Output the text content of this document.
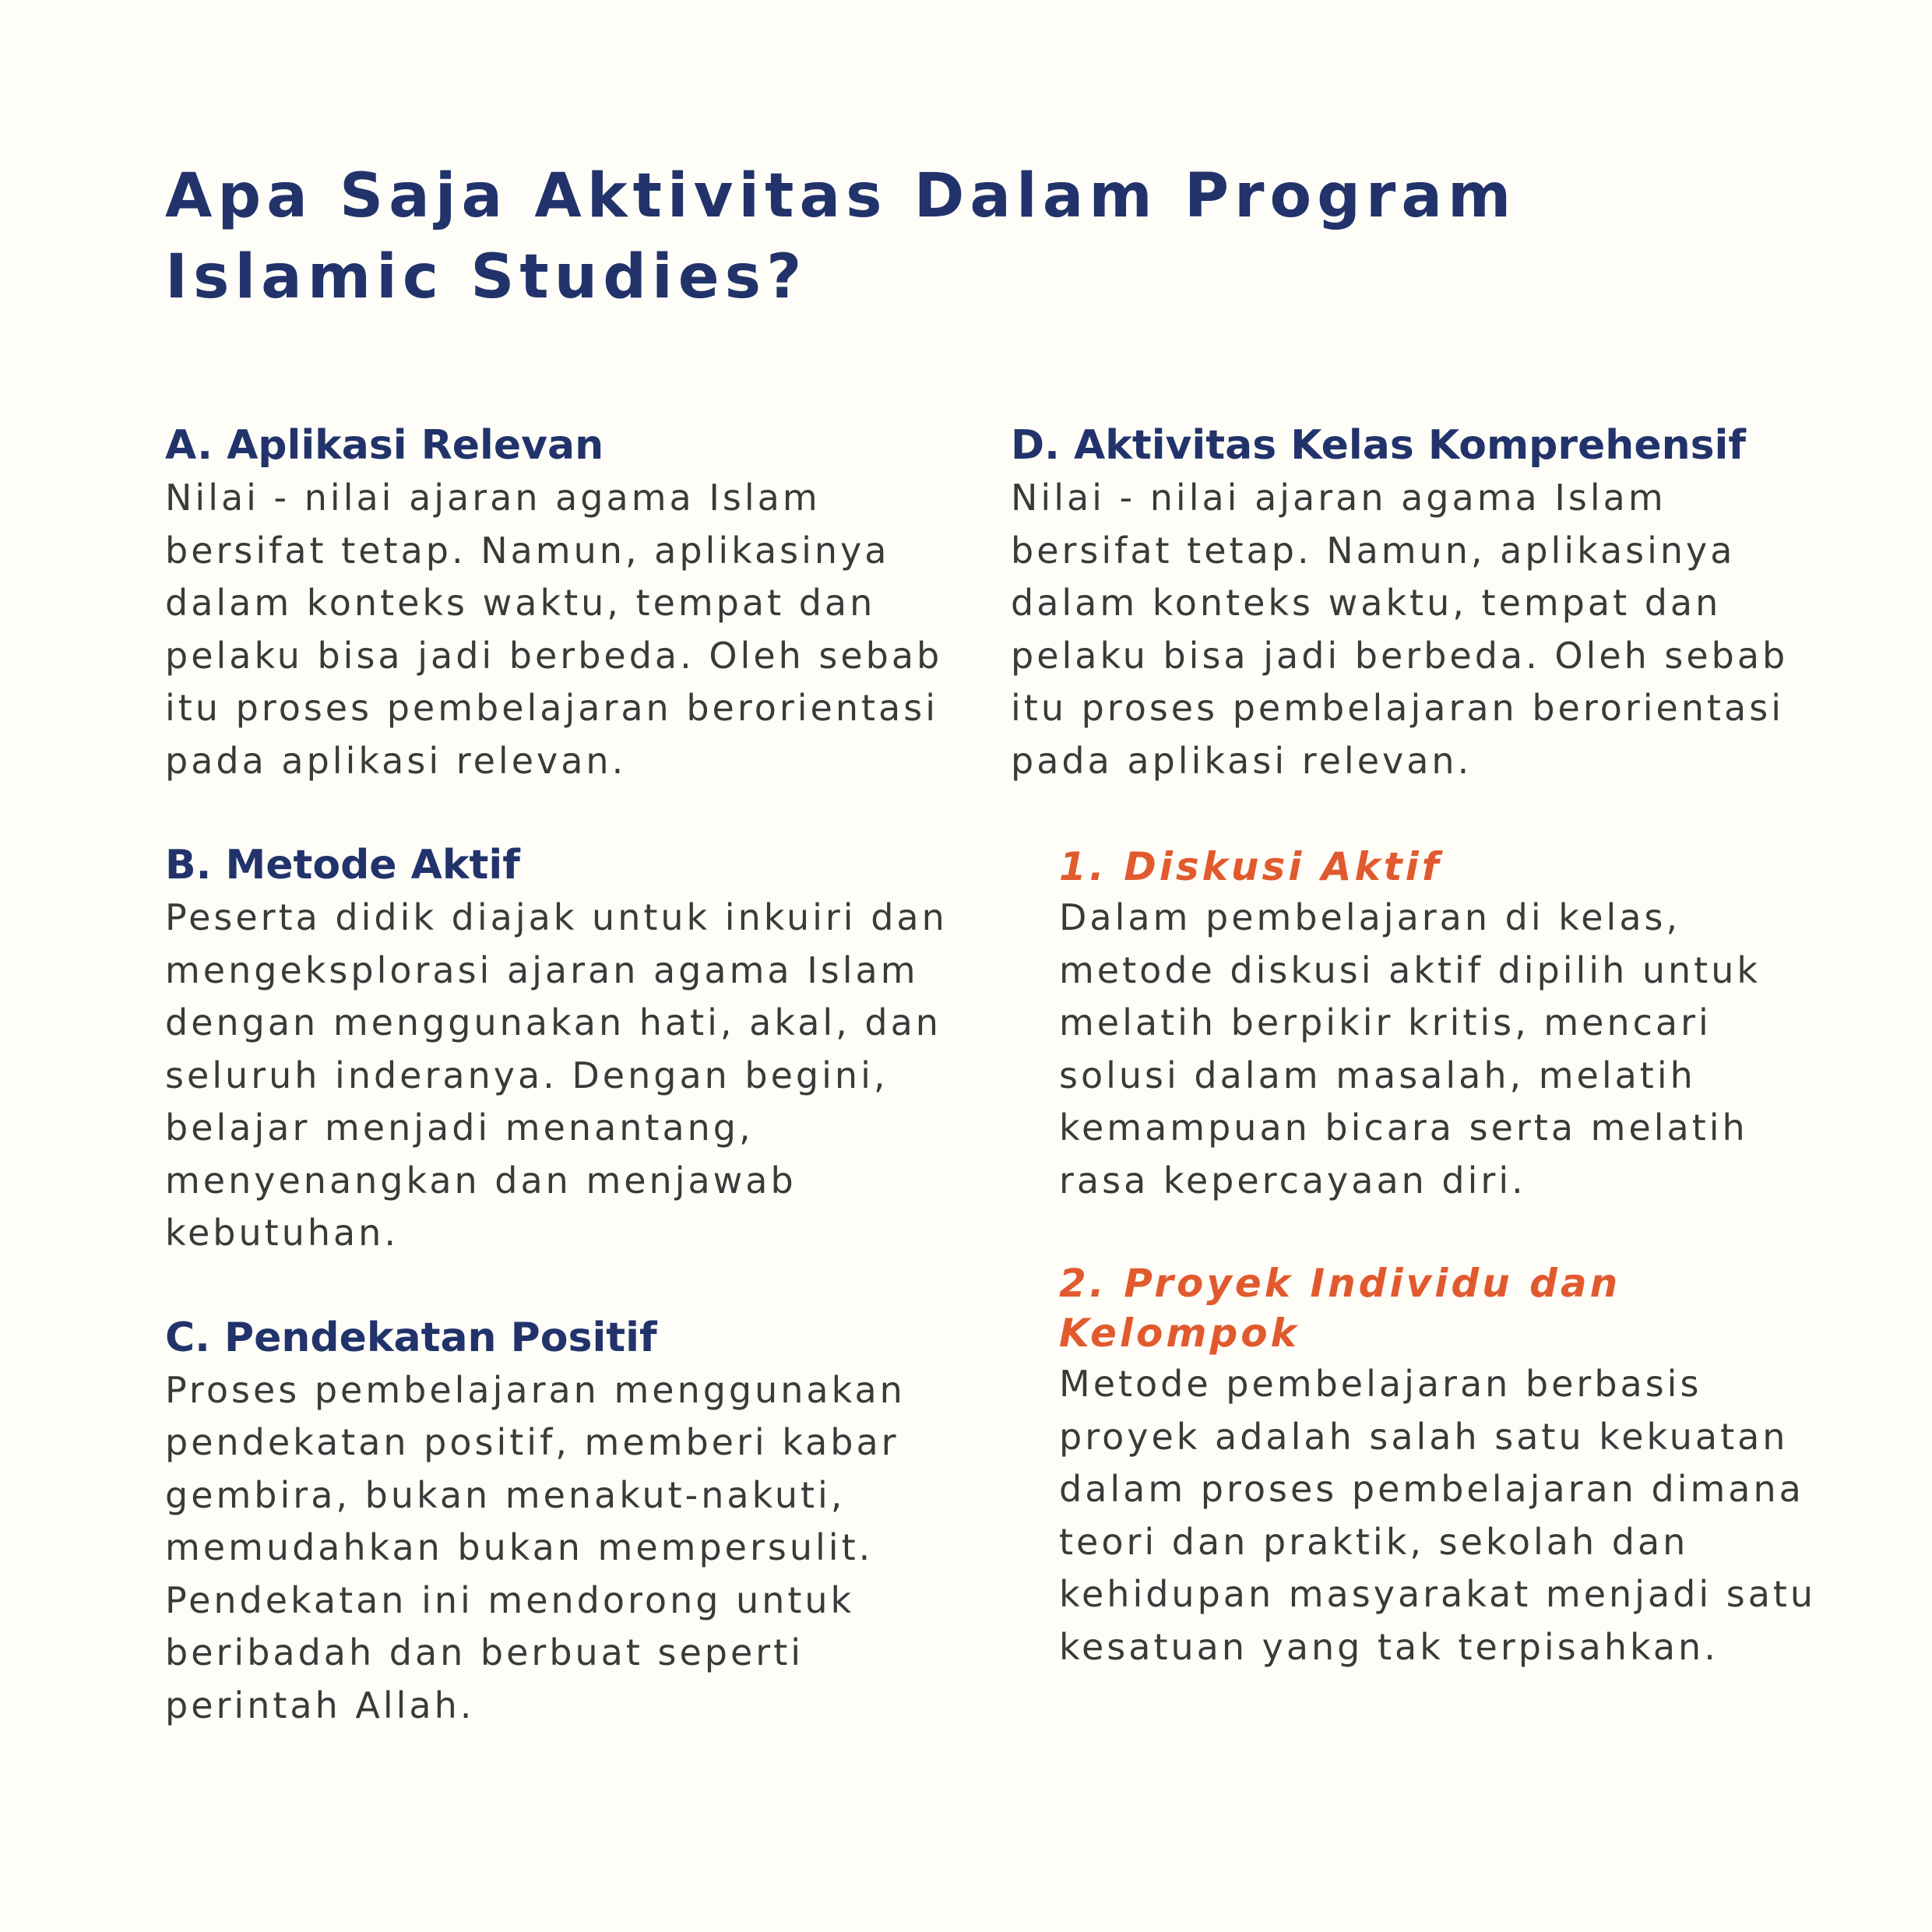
Apa Saja Aktivitas Dalam Program
Islamic Studies?
A. Aplikasi Relevan

Nilai - nilai ajaran agama Islam
bersifat tetap. Namun, aplikasinya
dalam konteks waktu, tempat dan
pelaku bisa jadi berbeda. Oleh sebab
itu proses pembelajaran berorientasi
pada aplikasi relevan.

B. Metode Aktif

Peserta didik diajak untuk inkuiri dan
mengeksplorasi ajaran agama Islam
dengan menggunakan hati, akal, dan
seluruh inderanya. Dengan begini,
belajar menjadi menantang,
menyenangkan dan menjawab
kebutuhan.

C. Pendekatan Positif

Proses pembelajaran menggunakan
pendekatan positif, memberi kabar
gembira, bukan menakut-nakuti,
memudahkan bukan mempersulit.
Pendekatan ini mendorong untuk
beribadah dan berbuat seperti
perintah Allah.

D. Aktivitas Kelas Komprehensif

Nilai - nilai ajaran agama Islam
bersifat tetap. Namun, aplikasinya
dalam konteks waktu, tempat dan
pelaku bisa jadi berbeda. Oleh sebab
itu proses pembelajaran berorientasi
pada aplikasi relevan.

1. Diskusi Aktif

Dalam pembelajaran di kelas,
metode diskusi aktif dipilih untuk
melatih berpikir kritis, mencari
solusi dalam masalah, melatih
kemampuan bicara serta melatih
rasa kepercayaan diri.

2. Proyek Individu dan
Kelompok

Metode pembelajaran berbasis
proyek adalah salah satu kekuatan
dalam proses pembelajaran dimana
teori dan praktik, sekolah dan
kehidupan masyarakat menjadi satu
kesatuan yang tak terpisahkan.
